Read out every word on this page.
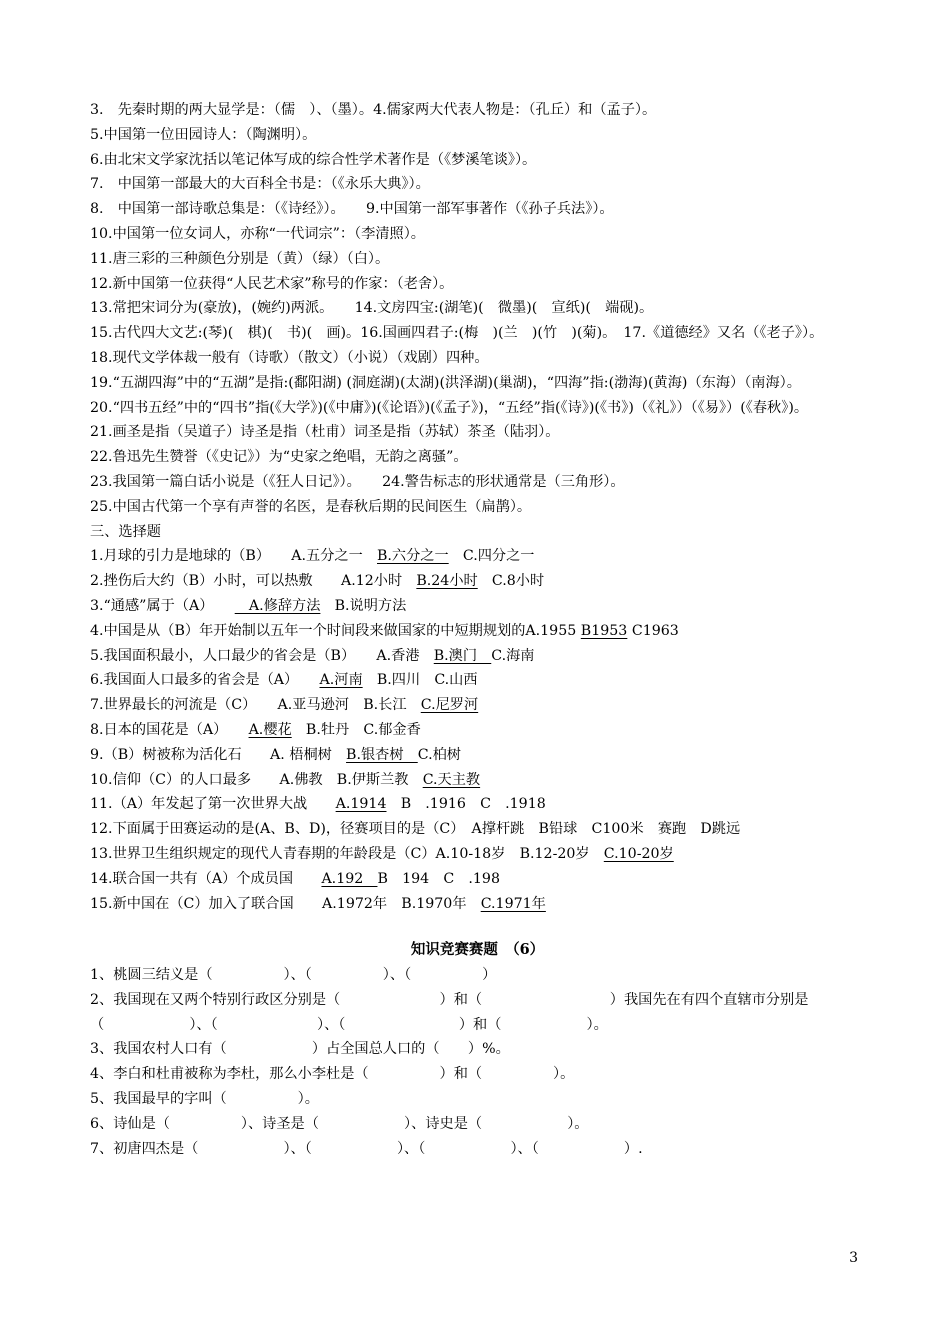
3.　先秦时期的两大显学是：（儒　）、（墨）。4.儒家两大代表人物是：（孔丘）和（孟子）。
5.中国第一位田园诗人：（陶渊明）。
6.由北宋文学家沈括以笔记体写成的综合性学术著作是（《梦溪笔谈》）。
7.　中国第一部最大的大百科全书是：（《永乐大典》）。
8.　中国第一部诗歌总集是：（《诗经》）。　　9.中国第一部军事著作（《孙子兵法》）。
10.中国第一位女词人，亦称“一代词宗”：（李清照）。
11.唐三彩的三种颜色分别是（黄）（绿）（白）。
12.新中国第一位获得“人民艺术家”称号的作家：（老舍）。
13.常把宋词分为(豪放)，(婉约)两派。　　14.文房四宝:(湖笔)(　微墨)(　宣纸)(　端砚)。
15.古代四大文艺:(琴)(　棋)(　书)(　画)。16.国画四君子:(梅　)(兰　)(竹　)(菊)。　17.《道德经》又名（《老子》）。
18.现代文学体裁一般有（诗歌）（散文）（小说）（戏剧）四种。
19.“五湖四海”中的“五湖”是指:(鄱阳湖) (洞庭湖)(太湖)(洪泽湖)(巢湖)，“四海”指:(渤海)(黄海)（东海）（南海）。
20.“四书五经”中的“四书”指(《大学》)(《中庸》)(《论语》)(《孟子》)，“五经”指(《诗》)(《书》)（《礼》）（《易》）(《春秋》)。
21.画圣是指（吴道子）诗圣是指（杜甫）词圣是指（苏轼）茶圣（陆羽）。
22.鲁迅先生赞誉（《史记》）为“史家之绝唱，无韵之离骚”。
23.我国第一篇白话小说是（《狂人日记》）。　　24.警告标志的形状通常是（三角形）。
25.中国古代第一个享有声誉的名医，是春秋后期的民间医生（扁鹊）。
三、选择题
1.月球的引力是地球的（B）　　A.五分之一　B.六分之一　C.四分之一
2.挫伤后大约（B）小时，可以热敷　　A.12小时　B.24小时　C.8小时
3.“通感”属于（A）　　　A.修辞方法　B.说明方法
4.中国是从（B）年开始制以五年一个时间段来做国家的中短期规划的A.1955 B1953 C1963
5.我国面积最小，人口最少的省会是（B）　　A.香港　B.澳门　C.海南
6.我国面人口最多的省会是（A）　　A.河南　B.四川　C.山西
7.世界最长的河流是（C）　　A.亚马逊河　B.长江　C.尼罗河
8.日本的国花是（A）　　A.樱花　B.牡丹　C.郁金香
9.（B）树被称为活化石　　A. 梧桐树　B.银杏树　C.柏树
10.信仰（C）的人口最多　　A.佛教　B.伊斯兰教　C.天主教
11.（A）年发起了第一次世界大战　　A.1914　B　.1916　C　.1918
12.下面属于田赛运动的是(A、B、D)，径赛项目的是（C）　A撑杆跳　B铅球　C100米　赛跑　D跳远
13.世界卫生组织规定的现代人青春期的年龄段是（C）A.10-18岁　B.12-20岁　C.10-20岁
14.联合国一共有（A）个成员国　　A.192　B　194　C　.198
15.新中国在（C）加入了联合国　　A.1972年　B.1970年　C.1971年
知识竞赛赛题　（6）
1、桃圆三结义是（　　　　　）、（　　　　　）、（　　　　　）
2、我国现在又两个特别行政区分别是（　　　　　　　）和（　　　　　　　　　）我国先在有四个直辖市分别是（　　　　　　）、（　　　　　　　）、（　　　　　　　　）和（　　　　　　）。
3、我国农村人口有（　　　　　　）占全国总人口的（　　）%。
4、李白和杜甫被称为李杜，那么小李杜是（　　　　　）和（　　　　　）。
5、我国最早的字叫（　　　　　）。
6、诗仙是（　　　　　）、诗圣是（　　　　　　）、诗史是（　　　　　　）。
7、初唐四杰是（　　　　　　）、（　　　　　　）、（　　　　　　）、（　　　　　　）.
3
